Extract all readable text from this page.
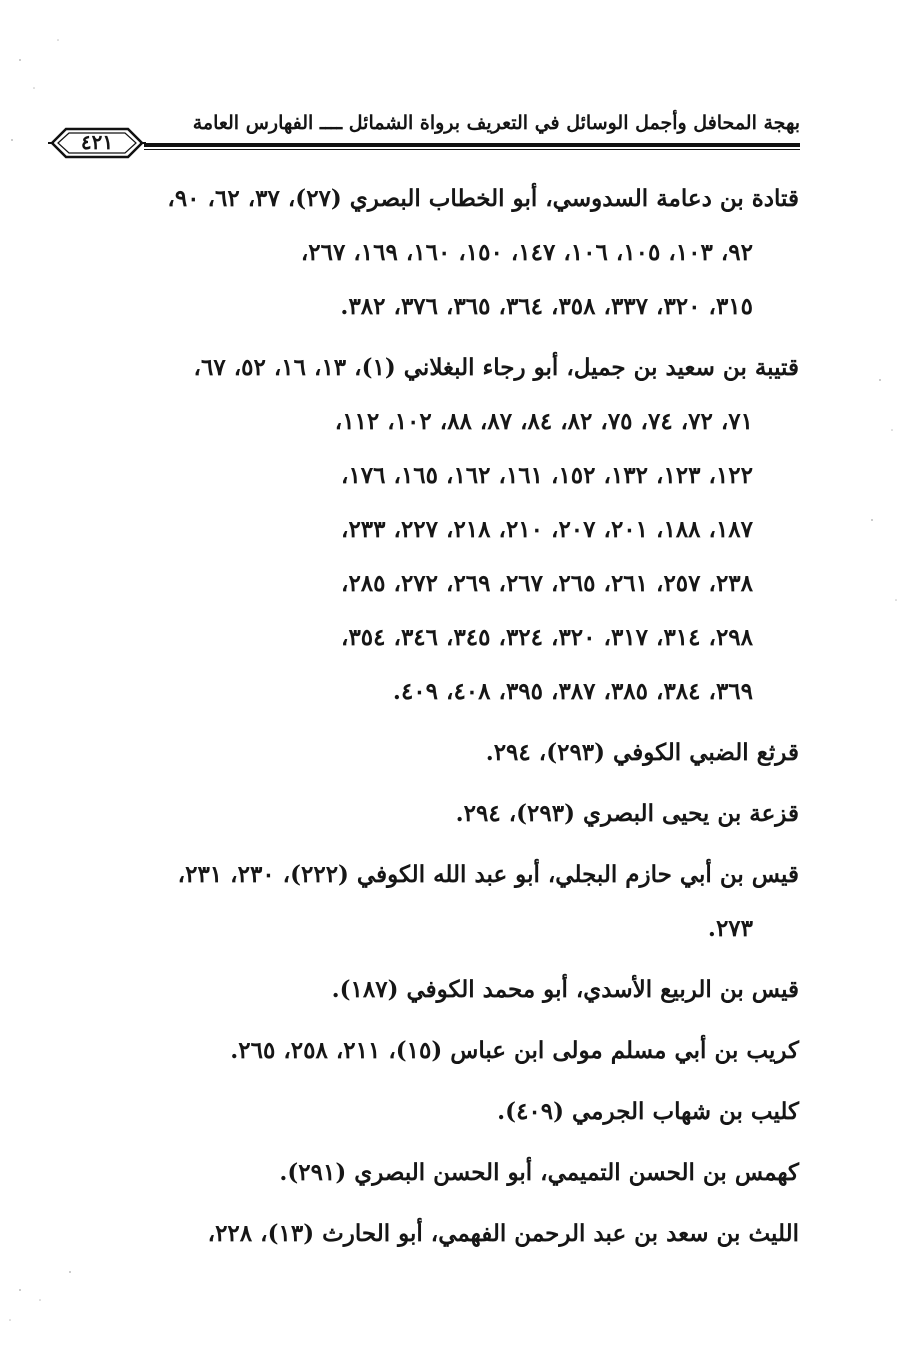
بهجة المحافل وأجمل الوسائل في التعريف برواة الشمائل ــــ الفهارس العامة
٤٢١
قتادة بن دعامة السدوسي، أبو الخطاب البصري (٢٧)، ٣٧، ٦٢، ٩٠،
٩٢، ١٠٣، ١٠٥، ١٠٦، ١٤٧، ١٥٠، ١٦٠، ١٦٩، ٢٦٧،
٣١٥، ٣٢٠، ٣٣٧، ٣٥٨، ٣٦٤، ٣٦٥، ٣٧٦، ٣٨٢.
قتيبة بن سعيد بن جميل، أبو رجاء البغلاني (١)، ١٣، ١٦، ٥٢، ٦٧،
٧١، ٧٢، ٧٤، ٧٥، ٨٢، ٨٤، ٨٧، ٨٨، ١٠٢، ١١٢،
١٢٢، ١٢٣، ١٣٢، ١٥٢، ١٦١، ١٦٢، ١٦٥، ١٧٦،
١٨٧، ١٨٨، ٢٠١، ٢٠٧، ٢١٠، ٢١٨، ٢٢٧، ٢٣٣،
٢٣٨، ٢٥٧، ٢٦١، ٢٦٥، ٢٦٧، ٢٦٩، ٢٧٢، ٢٨٥،
٢٩٨، ٣١٤، ٣١٧، ٣٢٠، ٣٢٤، ٣٤٥، ٣٤٦، ٣٥٤،
٣٦٩، ٣٨٤، ٣٨٥، ٣٨٧، ٣٩٥، ٤٠٨، ٤٠٩.
قرثع الضبي الكوفي (٢٩٣)، ٢٩٤.
قزعة بن يحيى البصري (٢٩٣)، ٢٩٤.
قيس بن أبي حازم البجلي، أبو عبد الله الكوفي (٢٢٢)، ٢٣٠، ٢٣١،
٢٧٣.
قيس بن الربيع الأسدي، أبو محمد الكوفي (١٨٧).
كريب بن أبي مسلم مولى ابن عباس (١٥)، ٢١١، ٢٥٨، ٢٦٥.
كليب بن شهاب الجرمي (٤٠٩).
كهمس بن الحسن التميمي، أبو الحسن البصري (٢٩١).
الليث بن سعد بن عبد الرحمن الفهمي، أبو الحارث (١٣)، ٢٢٨،
